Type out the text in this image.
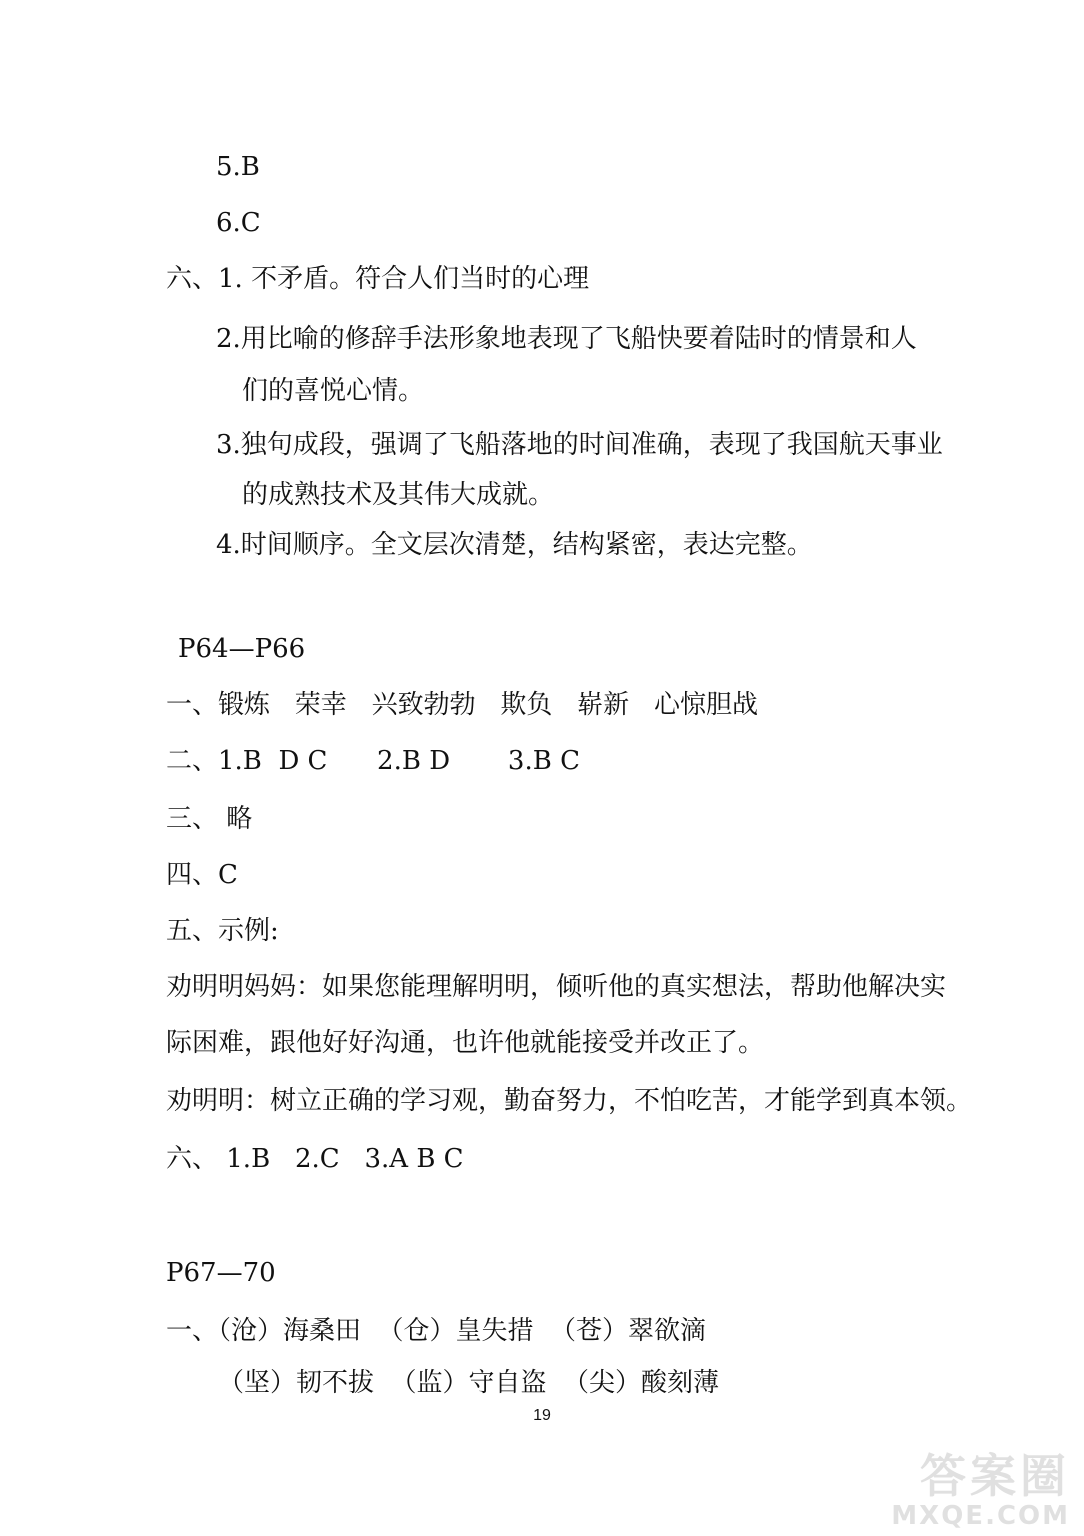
5.B
6.C
六、1. 不矛盾。符合人们当时的心理
2.用比喻的修辞手法形象地表现了飞船快要着陆时的情景和人
们的喜悦心情。
3.独句成段，强调了飞船落地的时间准确，表现了我国航天事业
的成熟技术及其伟大成就。
4.时间顺序。全文层次清楚，结构紧密，表达完整。
P64—P66
一、锻炼   荣幸   兴致勃勃   欺负   崭新   心惊胆战
二、1.B  D C      2.B D       3.B C
三、 略
四、C
五、示例:
劝明明妈妈：如果您能理解明明，倾听他的真实想法，帮助他解决实
际困难，跟他好好沟通，也许他就能接受并改正了。
劝明明：树立正确的学习观，勤奋努力，不怕吃苦，才能学到真本领。
六、 1.B   2.C   3.A B C
P67—70
一、（沧）海桑田  （仓）皇失措  （苍）翠欲滴
（坚）韧不拔  （监）守自盗  （尖）酸刻薄
19
答案圈
MXQE.COM
